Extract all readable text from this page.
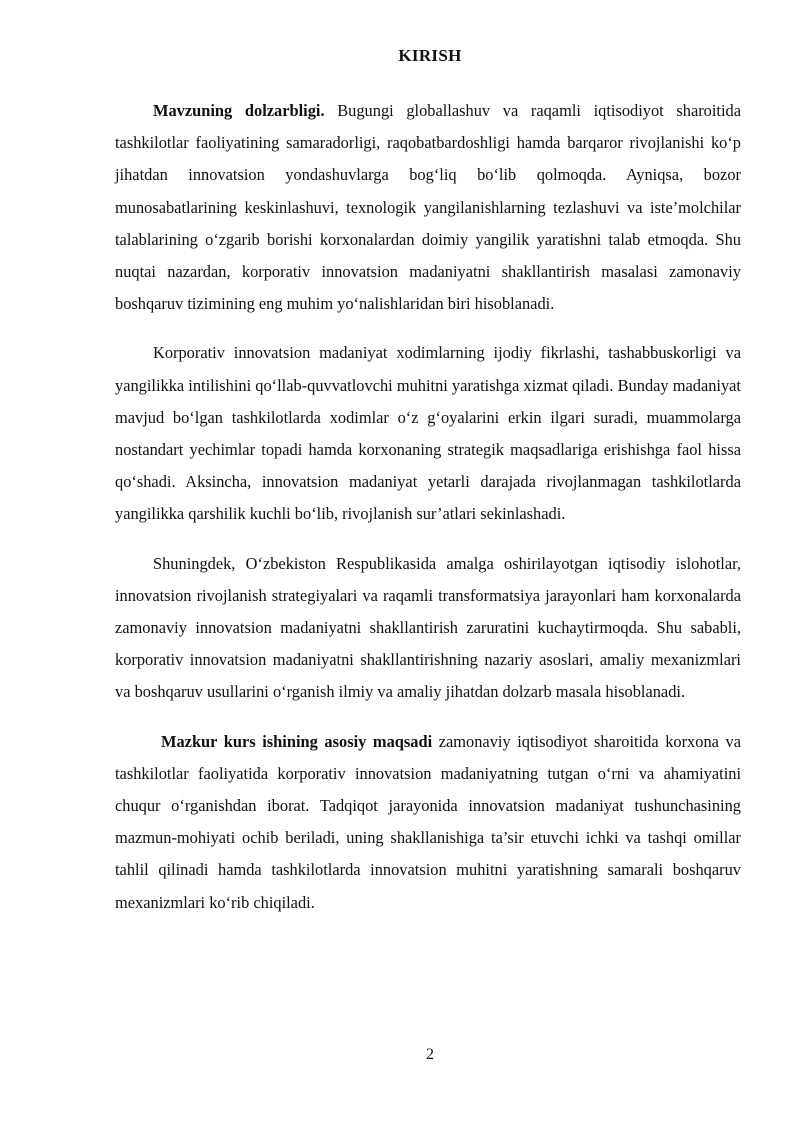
KIRISH

Mavzuning dolzarbligi. Bugungi globallashuv va raqamli iqtisodiyot sharoitida tashkilotlar faoliyatining samaradorligi, raqobatbardoshligi hamda barqaror rivojlanishi ko‘p jihatdan innovatsion yondashuvlarga bog‘liq bo‘lib qolmoqda. Ayniqsa, bozor munosabatlarining keskinlashuvi, texnologik yangilanishlarning tezlashuvi va iste’molchilar talablarining o‘zgarib borishi korxonalardan doimiy yangilik yaratishni talab etmoqda. Shu nuqtai nazardan, korporativ innovatsion madaniyatni shakllantirish masalasi zamonaviy boshqaruv tizimining eng muhim yo‘nalishlaridan biri hisoblanadi.

Korporativ innovatsion madaniyat xodimlarning ijodiy fikrlashi, tashabbuskorligi va yangilikka intilishini qo‘llab-quvvatlovchi muhitni yaratishga xizmat qiladi. Bunday madaniyat mavjud bo‘lgan tashkilotlarda xodimlar o‘z g‘oyalarini erkin ilgari suradi, muammolarga nostandart yechimlar topadi hamda korxonaning strategik maqsadlariga erishishga faol hissa qo‘shadi. Aksincha, innovatsion madaniyat yetarli darajada rivojlanmagan tashkilotlarda yangilikka qarshilik kuchli bo‘lib, rivojlanish sur’atlari sekinlashadi.

Shuningdek, O‘zbekiston Respublikasida amalga oshirilayotgan iqtisodiy islohotlar, innovatsion rivojlanish strategiyalari va raqamli transformatsiya jarayonlari ham korxonalarda zamonaviy innovatsion madaniyatni shakllantirish zaruratini kuchaytirmoqda. Shu sababli, korporativ innovatsion madaniyatni shakllantirishning nazariy asoslari, amaliy mexanizmlari va boshqaruv usullarini o‘rganish ilmiy va amaliy jihatdan dolzarb masala hisoblanadi.

Mazkur kurs ishining asosiy maqsadi zamonaviy iqtisodiyot sharoitida korxona va tashkilotlar faoliyatida korporativ innovatsion madaniyatning tutgan o‘rni va ahamiyatini chuqur o‘rganishdan iborat. Tadqiqot jarayonida innovatsion madaniyat tushunchasining mazmun-mohiyati ochib beriladi, uning shakllanishiga ta’sir etuvchi ichki va tashqi omillar tahlil qilinadi hamda tashkilotlarda innovatsion muhitni yaratishning samarali boshqaruv mexanizmlari ko‘rib chiqiladi.

2
